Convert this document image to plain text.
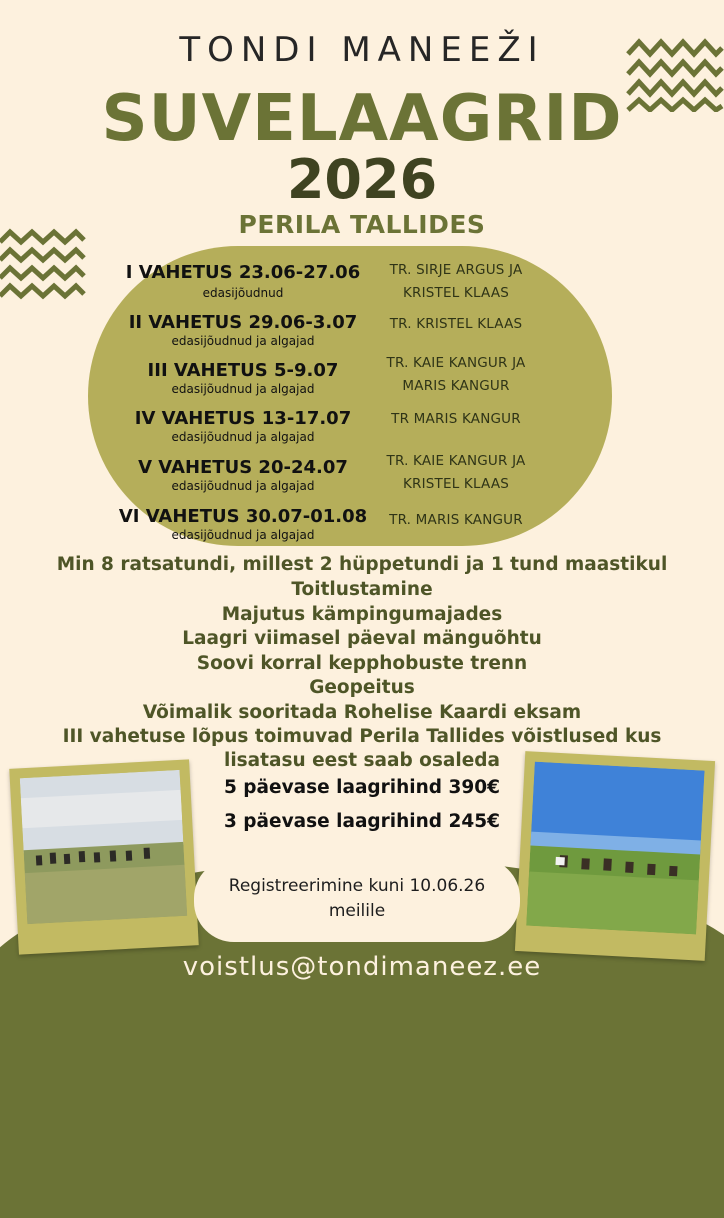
TONDI MANEEŽI
SUVELAAGRID
2026
PERILA TALLIDES
I VAHETUS 23.06-27.06
edasijõudnud
TR. SIRJE ARGUS JA
KRISTEL KLAAS
II VAHETUS 29.06-3.07
edasijõudnud ja algajad
TR. KRISTEL KLAAS
III VAHETUS 5-9.07
edasijõudnud ja algajad
TR. KAIE KANGUR JA
MARIS KANGUR
IV VAHETUS 13-17.07
edasijõudnud ja algajad
TR MARIS KANGUR
V VAHETUS 20-24.07
edasijõudnud ja algajad
TR. KAIE KANGUR JA
KRISTEL KLAAS
VI VAHETUS 30.07-01.08
edasijõudnud ja algajad
TR. MARIS KANGUR
Min 8 ratsatundi, millest 2 hüppetundi ja 1 tund maastikul
Toitlustamine
Majutus kämpingumajades
Laagri viimasel päeval mänguõhtu
Soovi korral kepphobuste trenn
Geopeitus
Võimalik sooritada Rohelise Kaardi eksam
III vahetuse lõpus toimuvad Perila Tallides võistlused kus
lisatasu eest saab osaleda
5 päevase laagrihind 390€
3 päevase laagrihind 245€
Registreerimine kuni 10.06.26
meilile
voistlus@tondimaneez.ee
